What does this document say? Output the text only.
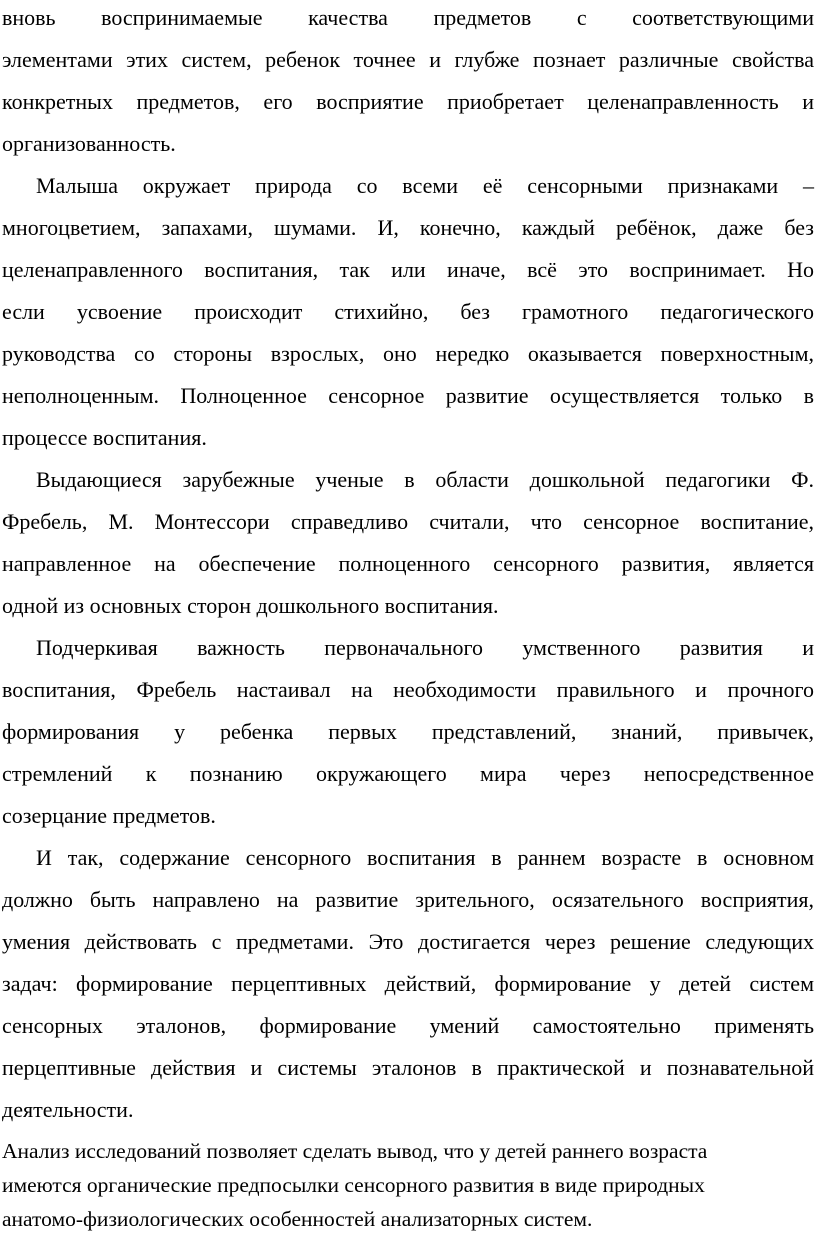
вновь воспринимаемые качества предметов с соответствующими
элементами этих систем, ребенок точнее и глубже познает различные свойства
конкретных предметов, его восприятие приобретает целенаправленность и
организованность.
Малыша окружает природа со всеми её сенсорными признаками –
многоцветием, запахами, шумами. И, конечно, каждый ребёнок, даже без
целенаправленного воспитания, так или иначе, всё это воспринимает. Но
если усвоение происходит стихийно, без грамотного педагогического
руководства со стороны взрослых, оно нередко оказывается поверхностным,
неполноценным. Полноценное сенсорное развитие осуществляется только в
процессе воспитания.
Выдающиеся зарубежные ученые в области дошкольной педагогики Ф.
Фребель, М. Монтессори справедливо считали, что сенсорное воспитание,
направленное на обеспечение полноценного сенсорного развития, является
одной из основных сторон дошкольного воспитания.
Подчеркивая важность первоначального умственного развития и
воспитания, Фребель настаивал на необходимости правильного и прочного
формирования у ребенка первых представлений, знаний, привычек,
стремлений к познанию окружающего мира через непосредственное
созерцание предметов.
И так, содержание сенсорного воспитания в раннем возрасте в основном
должно быть направлено на развитие зрительного, осязательного восприятия,
умения действовать с предметами. Это достигается через решение следующих
задач: формирование перцептивных действий, формирование у детей систем
сенсорных эталонов, формирование умений самостоятельно применять
перцептивные действия и системы эталонов в практической и познавательной
деятельности.
Анализ исследований позволяет сделать вывод, что у детей раннего возраста
имеются органические предпосылки сенсорного развития в виде природных
анатомо-физиологических особенностей анализаторных систем.
